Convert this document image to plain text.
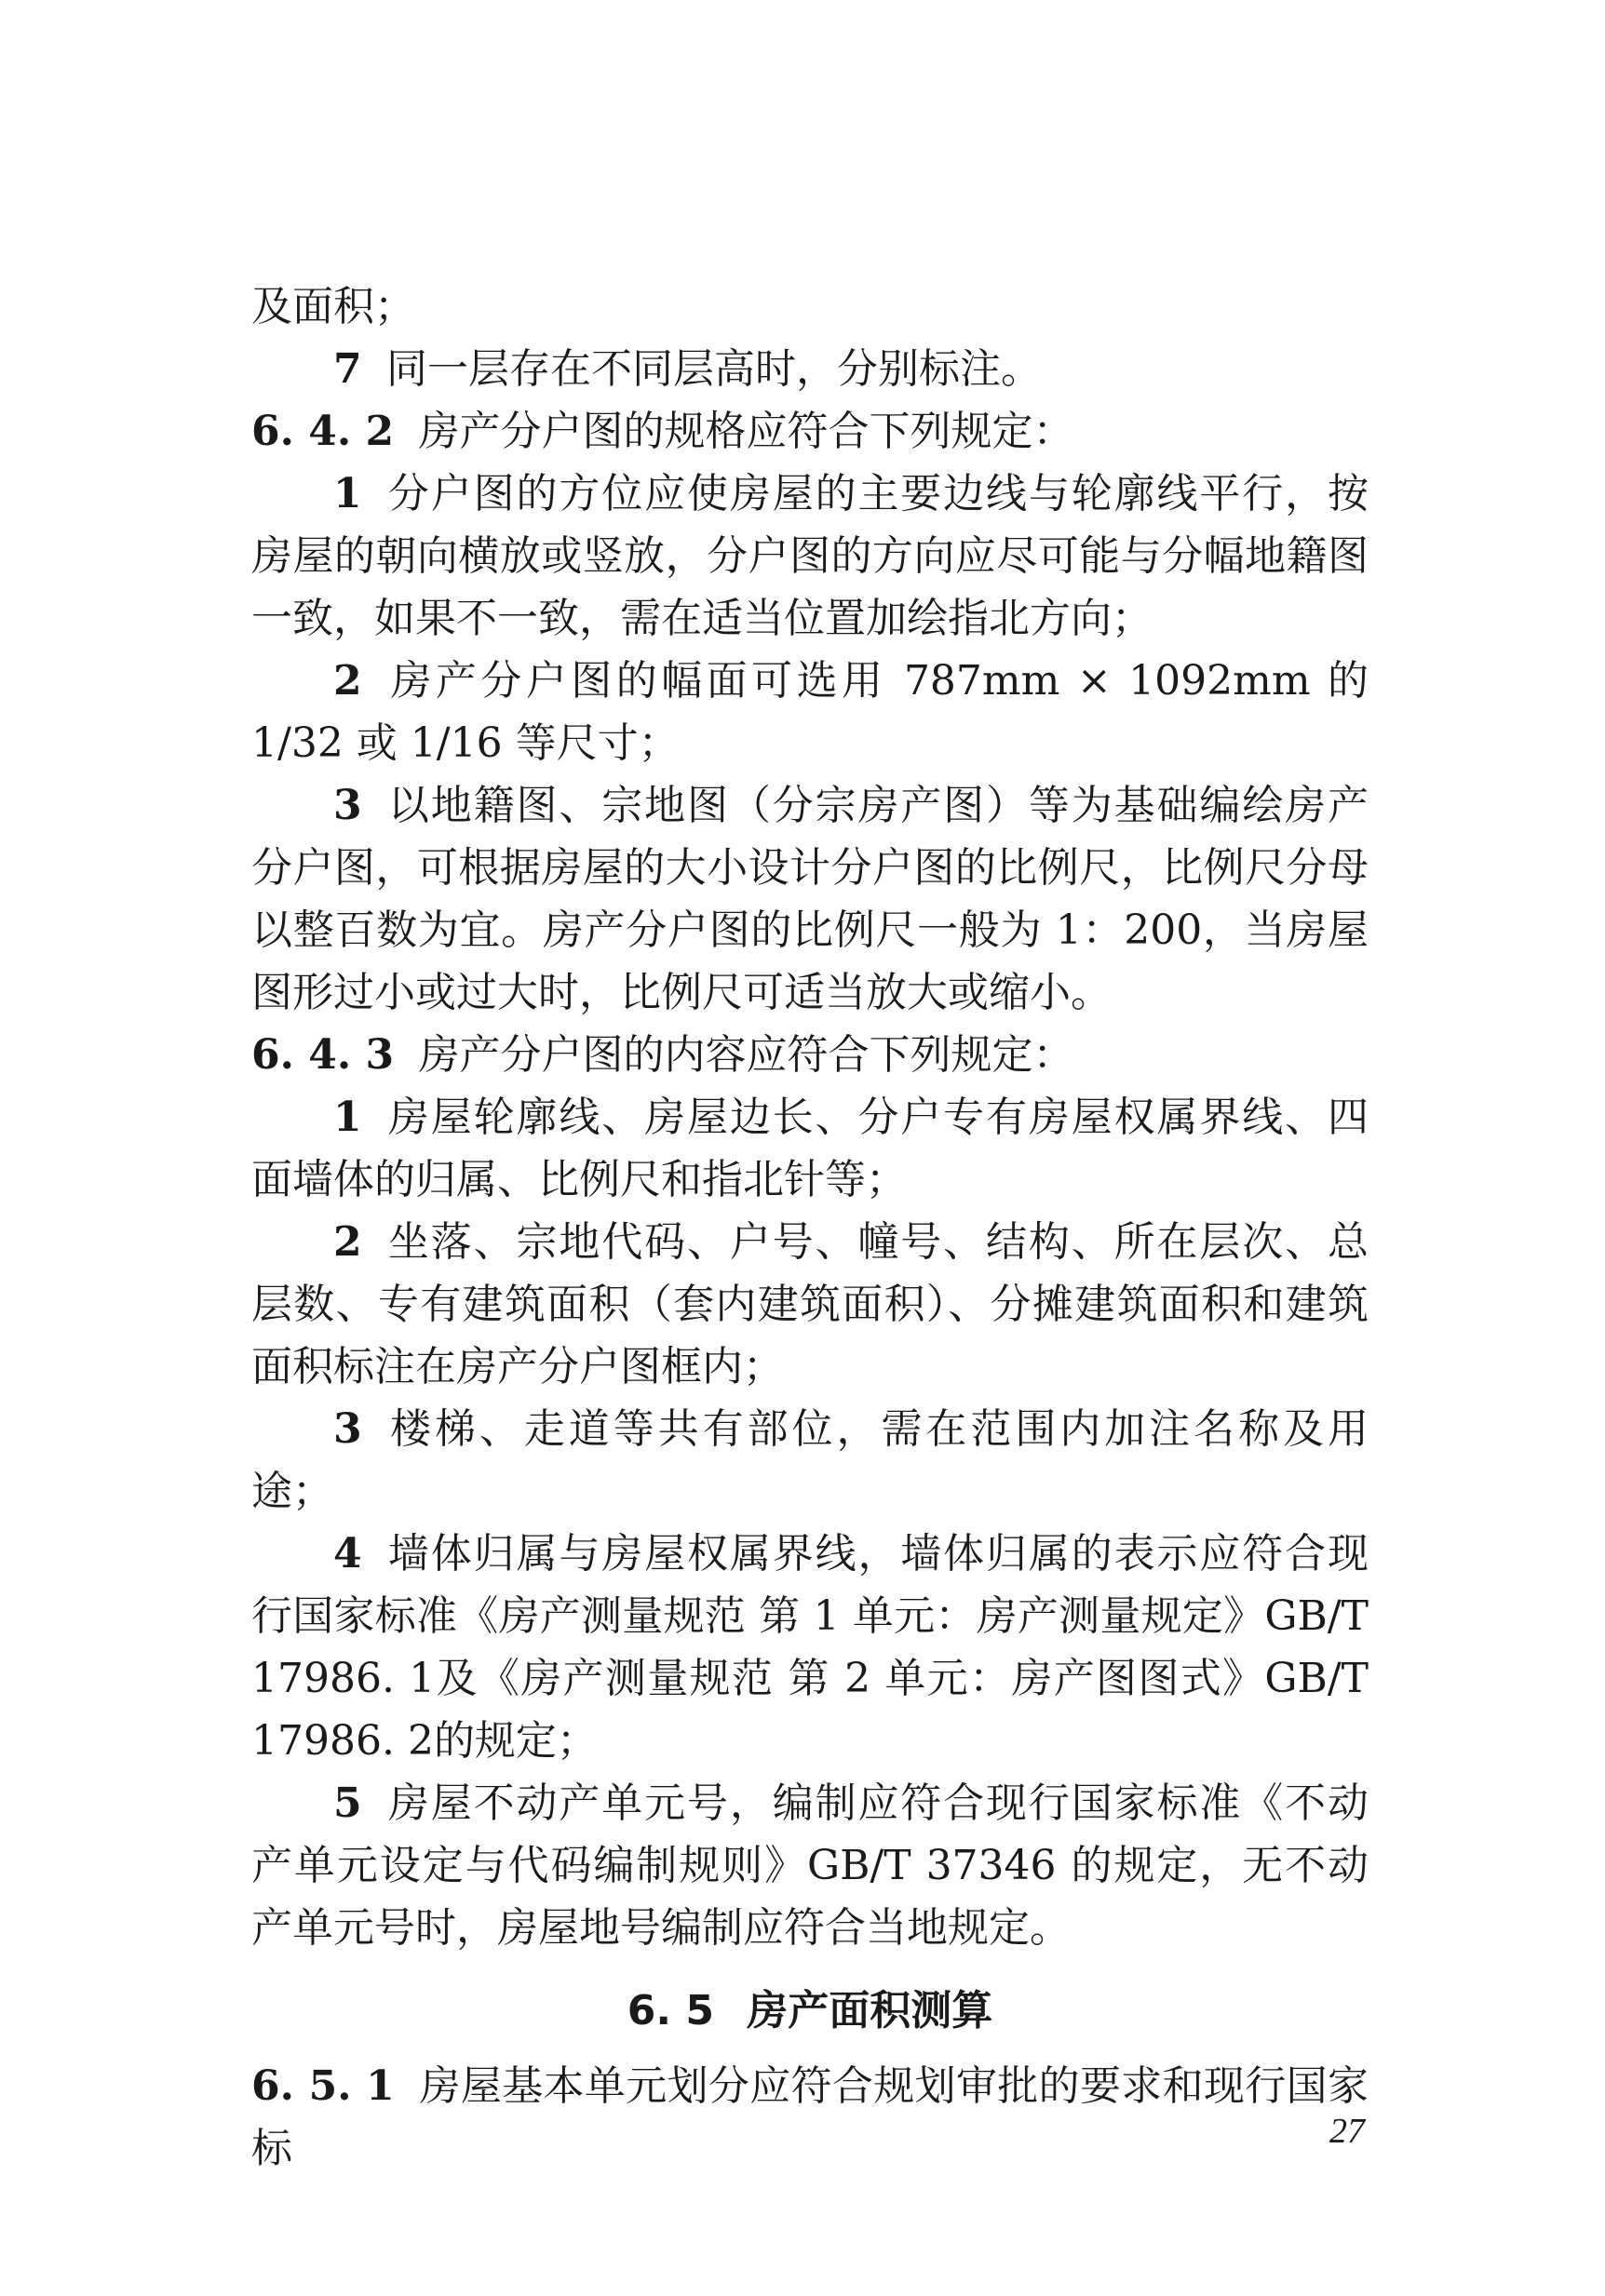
及面积；

7 同一层存在不同层高时，分别标注。

6. 4. 2 房产分户图的规格应符合下列规定：

1 分户图的方位应使房屋的主要边线与轮廓线平行，按房屋的朝向横放或竖放，分户图的方向应尽可能与分幅地籍图一致，如果不一致，需在适当位置加绘指北方向；

2 房产分户图的幅面可选用 787mm × 1092mm 的 1/32 或 1/16 等尺寸；

3 以地籍图、宗地图（分宗房产图）等为基础编绘房产分户图，可根据房屋的大小设计分户图的比例尺，比例尺分母以整百数为宜。房产分户图的比例尺一般为 1：200，当房屋图形过小或过大时，比例尺可适当放大或缩小。

6. 4. 3 房产分户图的内容应符合下列规定：

1 房屋轮廓线、房屋边长、分户专有房屋权属界线、四面墙体的归属、比例尺和指北针等；

2 坐落、宗地代码、户号、幢号、结构、所在层次、总层数、专有建筑面积（套内建筑面积）、分摊建筑面积和建筑面积标注在房产分户图框内；

3 楼梯、走道等共有部位，需在范围内加注名称及用途；

4 墙体归属与房屋权属界线，墙体归属的表示应符合现行国家标准《房产测量规范 第 1 单元：房产测量规定》GB/T 17986. 1及《房产测量规范 第 2 单元：房产图图式》GB/T 17986. 2的规定；

5 房屋不动产单元号，编制应符合现行国家标准《不动产单元设定与代码编制规则》GB/T 37346 的规定，无不动产单元号时，房屋地号编制应符合当地规定。

6. 5 房产面积测算

6. 5. 1 房屋基本单元划分应符合规划审批的要求和现行国家标	27
